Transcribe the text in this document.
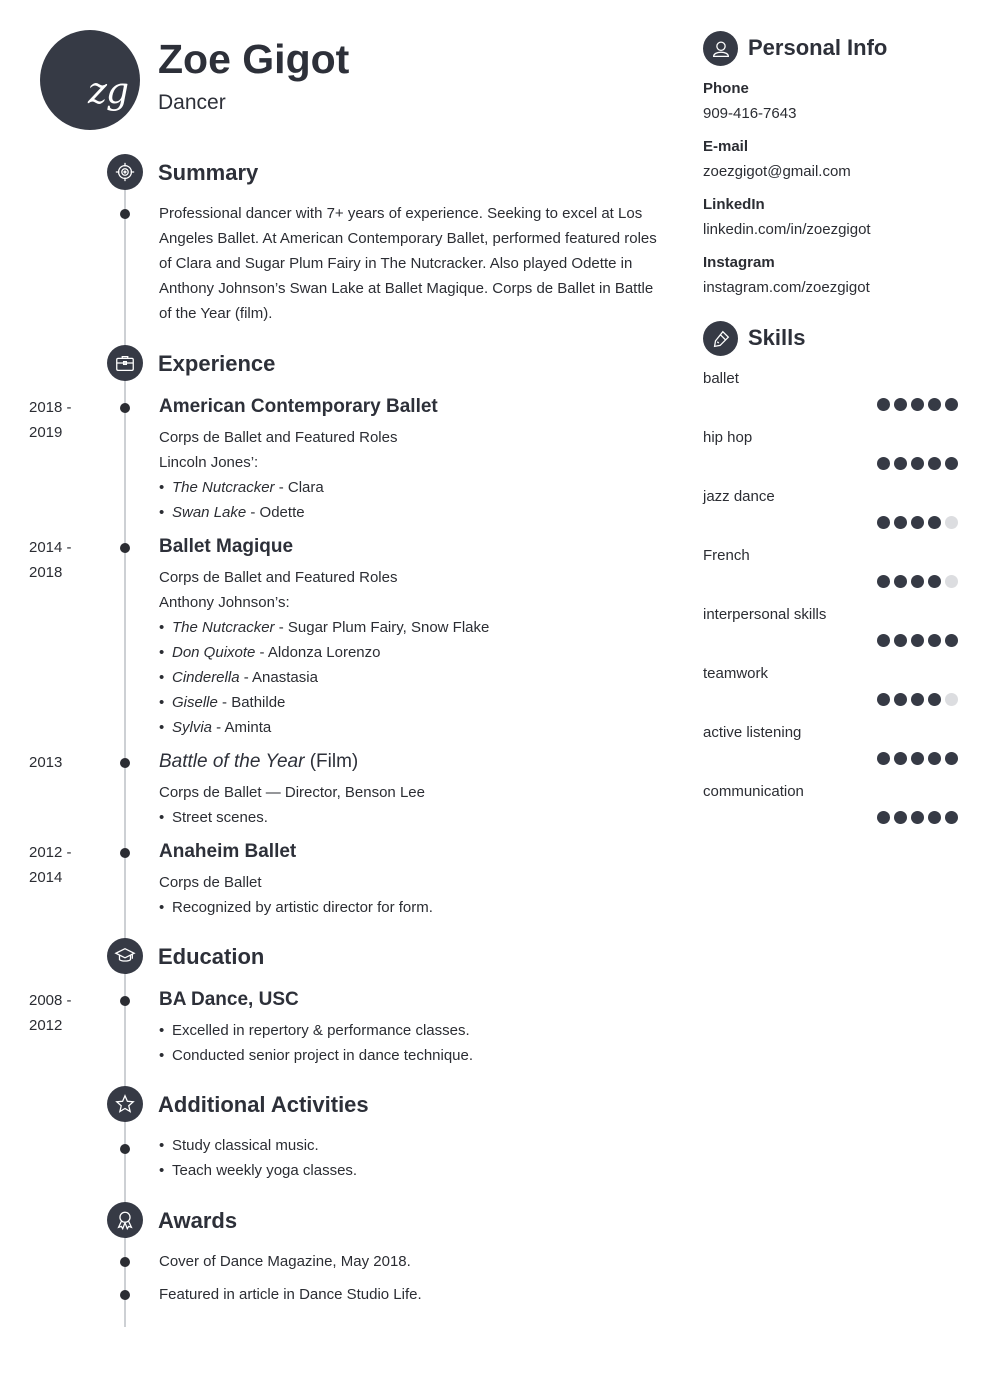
zg
Zoe Gigot
Dancer
Summary
Professional dancer with 7+ years of experience. Seeking to excel at Los Angeles Ballet. At American Contemporary Ballet, performed featured roles of Clara and Sugar Plum Fairy in The Nutcracker. Also played Odette in Anthony Johnson’s Swan Lake at Ballet Magique. Corps de Ballet in Battle of the Year (film).
Experience
2018 -
2019
American Contemporary Ballet
Corps de Ballet and Featured Roles
Lincoln Jones’:
• The Nutcracker - Clara
• Swan Lake - Odette
2014 -
2018
Ballet Magique
Corps de Ballet and Featured Roles
Anthony Johnson’s:
• The Nutcracker - Sugar Plum Fairy, Snow Flake
• Don Quixote - Aldonza Lorenzo
• Cinderella - Anastasia
• Giselle - Bathilde
• Sylvia - Aminta
2013	Battle of the Year (Film)
Corps de Ballet — Director, Benson Lee
• Street scenes.
2012 -
2014
Anaheim Ballet
Corps de Ballet
• Recognized by artistic director for form.
Education
2008 -
2012
BA Dance, USC
• Excelled in repertory & performance classes.
• Conducted senior project in dance technique.
Additional Activities
• Study classical music.
• Teach weekly yoga classes.
Awards
Cover of Dance Magazine, May 2018.
Featured in article in Dance Studio Life.
Personal Info
Phone
909-416-7643
E-mail
zoezgigot@gmail.com
LinkedIn
linkedin.com/in/zoezgigot
Instagram
instagram.com/zoezgigot
Skills
ballet
hip hop
jazz dance
French
interpersonal skills
teamwork
active listening
communication
